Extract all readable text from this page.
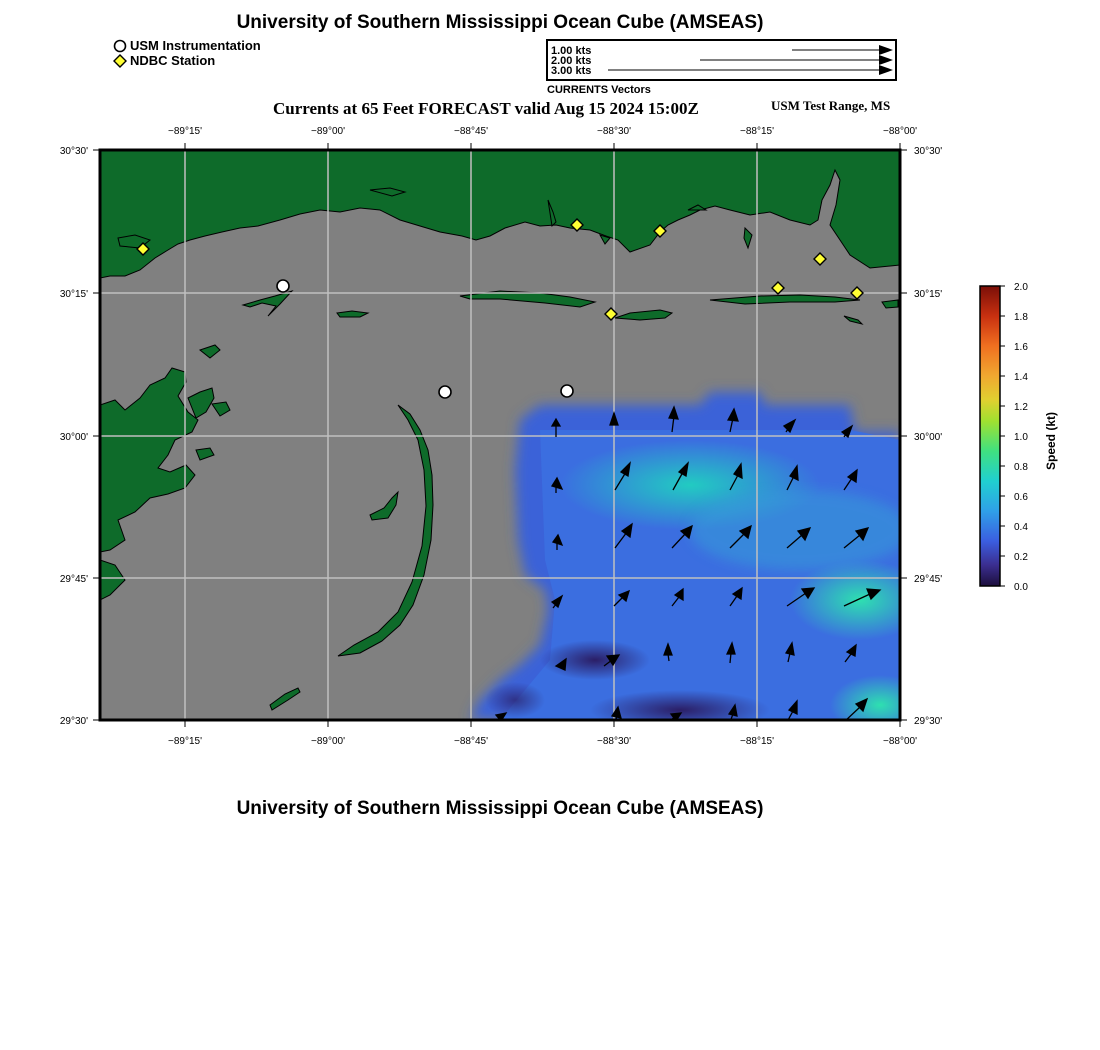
University of Southern Mississippi Ocean Cube (AMSEAS)
USM Instrumentation
NDBC Station
1.00 kts
2.00 kts
3.00 kts
CURRENTS Vectors
Currents at 65 Feet FORECAST valid Aug 15 2024 15:00Z	USM Test Range, MS
−89°15'	−89°00'	−88°45'	−88°30'	−88°15'	−88°00'
−89°15'	−89°00'	−88°45'	−88°30'	−88°15'	−88°00'
30°30'
30°15'
30°00'
29°45'
29°30'
30°30'
30°15'
30°00'
29°45'
29°30'
2.0
1.8
1.6
1.4
1.2
1.0
0.8
0.6
0.4
0.2
0.0
Speed (kt)
University of Southern Mississippi Ocean Cube (AMSEAS)
